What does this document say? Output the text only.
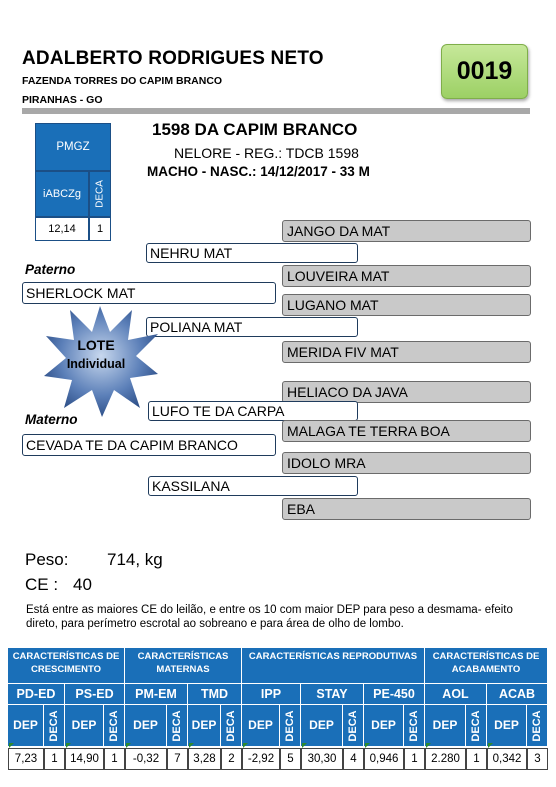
ADALBERTO RODRIGUES NETO
FAZENDA TORRES DO CAPIM BRANCO
PIRANHAS - GO
0019
PMGZ
iABCZg	DECA
12,14	1
1598 DA CAPIM BRANCO
NELORE - REG.: TDCB 1598
MACHO - NASC.: 14/12/2017 - 33 M
JANGO DA MAT
NEHRU MAT
LOUVEIRA MAT
Paterno
SHERLOCK MAT
LUGANO MAT
POLIANA MAT
MERIDA FIV MAT
LOTE
Individual
HELIACO DA JAVA
LUFO TE DA CARPA
Materno
MALAGA TE TERRA BOA
CEVADA TE DA CAPIM BRANCO
IDOLO MRA
KASSILANA
EBA
Peso: 714, kg
CE : 40
Está entre as maiores CE do leilão, e entre os 10 com maior DEP para peso a desmama- efeito direto, para perímetro escrotal ao sobreano e para área de olho de lombo.
CARACTERÍSTICAS DE CRESCIMENTO
CARACTERÍSTICAS MATERNAS
CARACTERÍSTICAS REPRODUTIVAS	CARACTERÍSTICAS DE ACABAMENTO
PD-ED	PS-ED	PM-EM	TMD	IPP	STAY	PE-450	AOL	ACAB
DEP DECA DEP	DECA	DEP	DECA DEP DECA DEP	DECA	DEP	DECA	DEP	DECA	DEP	DECA	DEP	DECA
7,23	1	14,90	1	-0,32	7	3,28	2	-2,92	5	30,30	4	0,946	1	2.280	1	0,342	3
